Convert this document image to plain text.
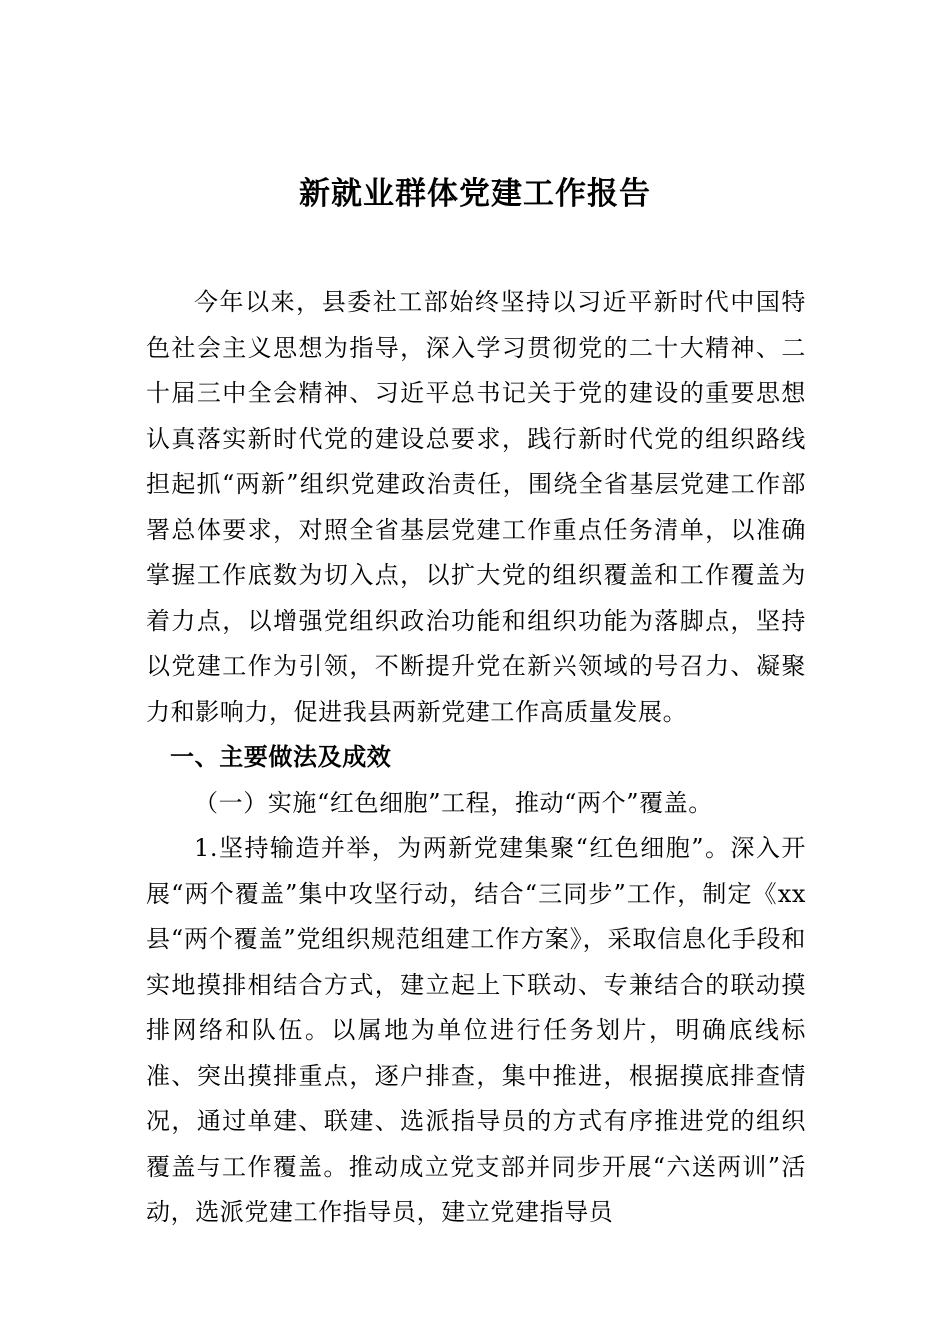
新就业群体党建工作报告

今年以来，县委社工部始终坚持以习近平新时代中国特色社会主义思想为指导，深入学习贯彻党的二十大精神、二十届三中全会精神、习近平总书记关于党的建设的重要思想认真落实新时代党的建设总要求，践行新时代党的组织路线担起抓“两新”组织党建政治责任，围绕全省基层党建工作部署总体要求，对照全省基层党建工作重点任务清单，以准确掌握工作底数为切入点，以扩大党的组织覆盖和工作覆盖为着力点，以增强党组织政治功能和组织功能为落脚点，坚持以党建工作为引领，不断提升党在新兴领域的号召力、凝聚力和影响力，促进我县两新党建工作高质量发展。

一、主要做法及成效

（一）实施“红色细胞”工程，推动“两个”覆盖。

1.坚持输造并举，为两新党建集聚“红色细胞”。深入开展“两个覆盖”集中攻坚行动，结合“三同步”工作，制定《xx县“两个覆盖”党组织规范组建工作方案》，采取信息化手段和实地摸排相结合方式，建立起上下联动、专兼结合的联动摸排网络和队伍。以属地为单位进行任务划片，明确底线标准、突出摸排重点，逐户排查，集中推进，根据摸底排查情况，通过单建、联建、选派指导员的方式有序推进党的组织覆盖与工作覆盖。推动成立党支部并同步开展“六送两训”活动，选派党建工作指导员，建立党建指导员
